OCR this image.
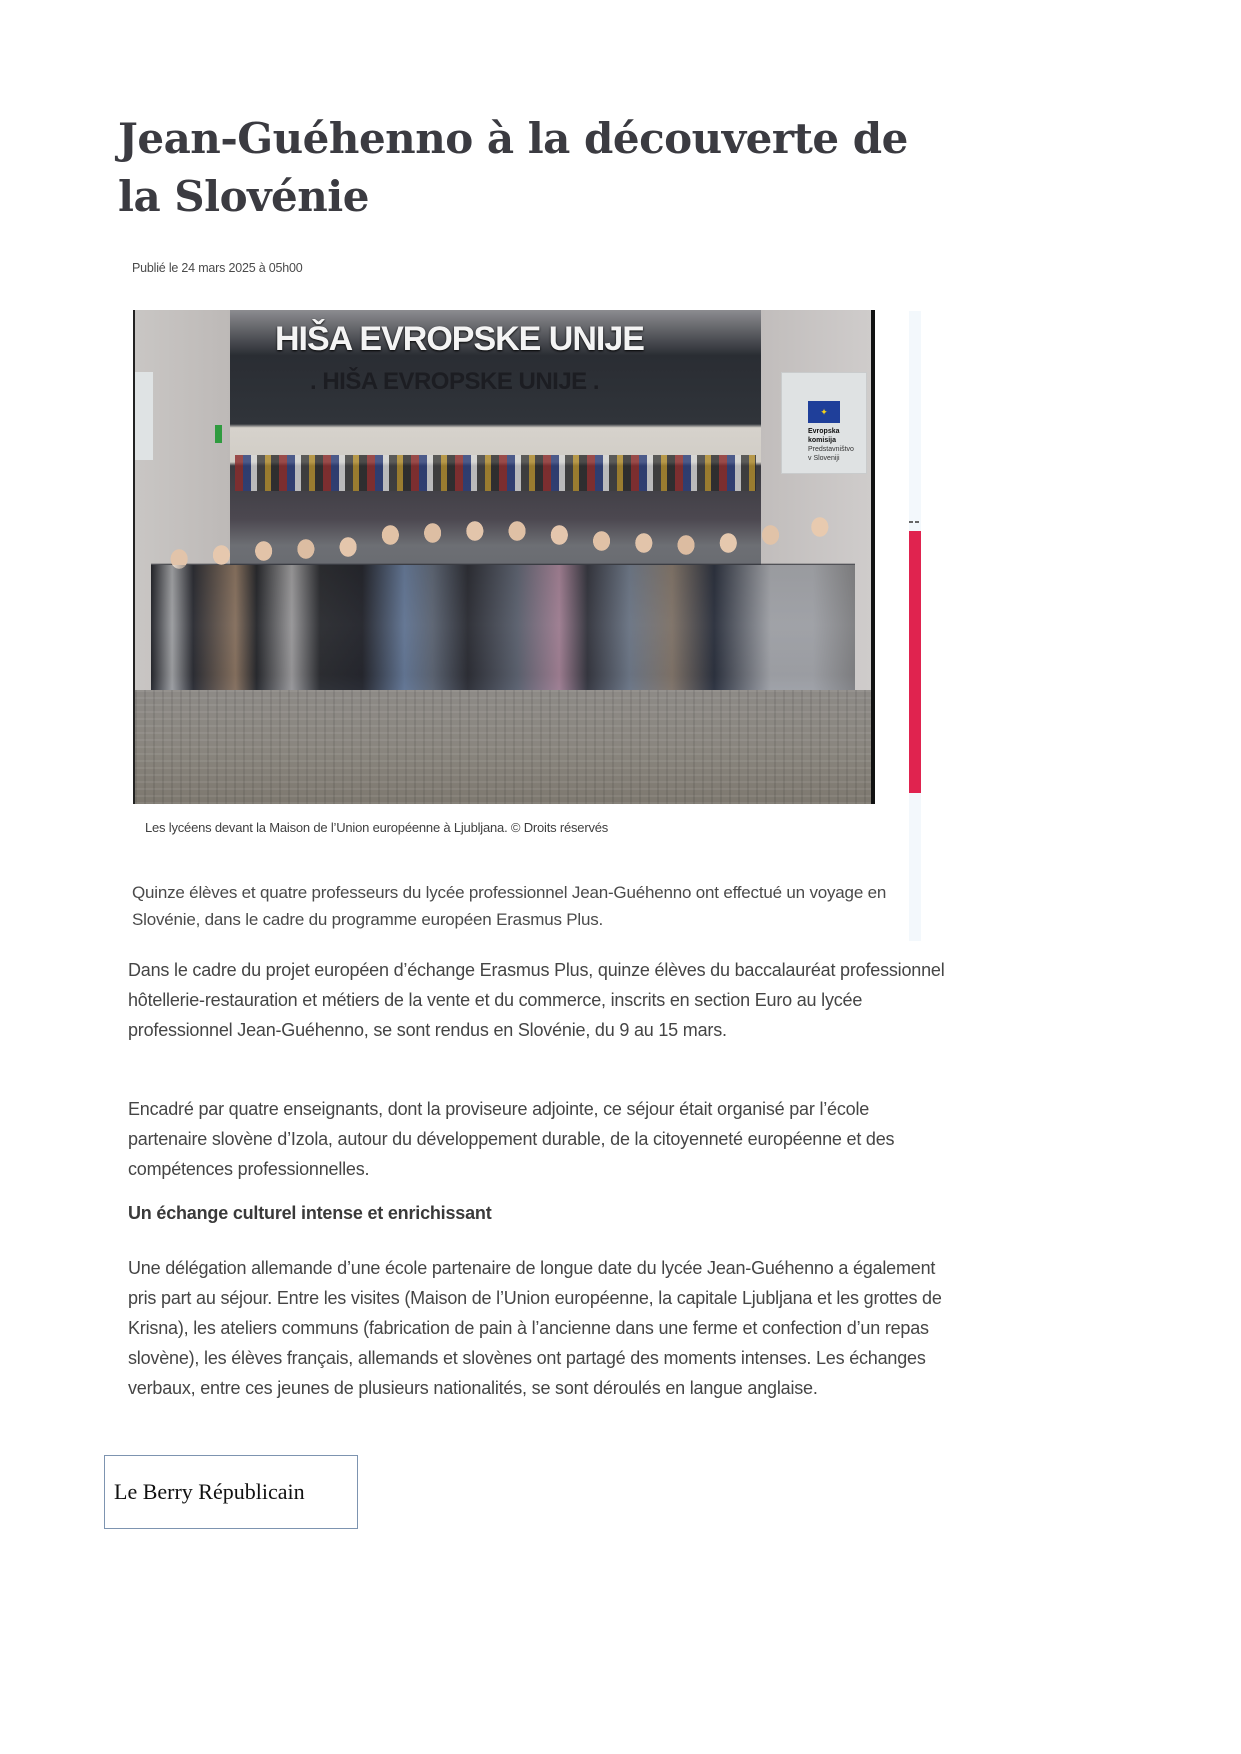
Jean-Guéhenno à la découverte de la Slovénie
Publié le 24 mars 2025 à 05h00
HIŠA EVROPSKE UNIJE
. HIŠA EVROPSKE UNIJE .
✦
Evropska komisija
Predstavništvo
v Sloveniji
Les lycéens devant la Maison de l’Union européenne à Ljubljana. © Droits réservés

Quinze élèves et quatre professeurs du lycée professionnel Jean-Guéhenno ont effectué un voyage en Slovénie, dans le cadre du programme européen Erasmus Plus.

Dans le cadre du projet européen d’échange Erasmus Plus, quinze élèves du baccalauréat professionnel hôtellerie-restauration et métiers de la vente et du commerce, inscrits en section Euro au lycée professionnel Jean-Guéhenno, se sont rendus en Slovénie, du 9 au 15 mars.

Encadré par quatre enseignants, dont la proviseure adjointe, ce séjour était organisé par l’école partenaire slovène d’Izola, autour du développement durable, de la citoyenneté européenne et des compétences professionnelles.

Un échange culturel intense et enrichissant

Une délégation allemande d’une école partenaire de longue date du lycée Jean-Guéhenno a également pris part au séjour. Entre les visites (Maison de l’Union européenne, la capitale Ljubljana et les grottes de Krisna), les ateliers communs (fabrication de pain à l’ancienne dans une ferme et confection d’un repas slovène), les élèves français, allemands et slovènes ont partagé des moments intenses. Les échanges verbaux, entre ces jeunes de plusieurs nationalités, se sont déroulés en langue anglaise.

Le Berry Républicain
